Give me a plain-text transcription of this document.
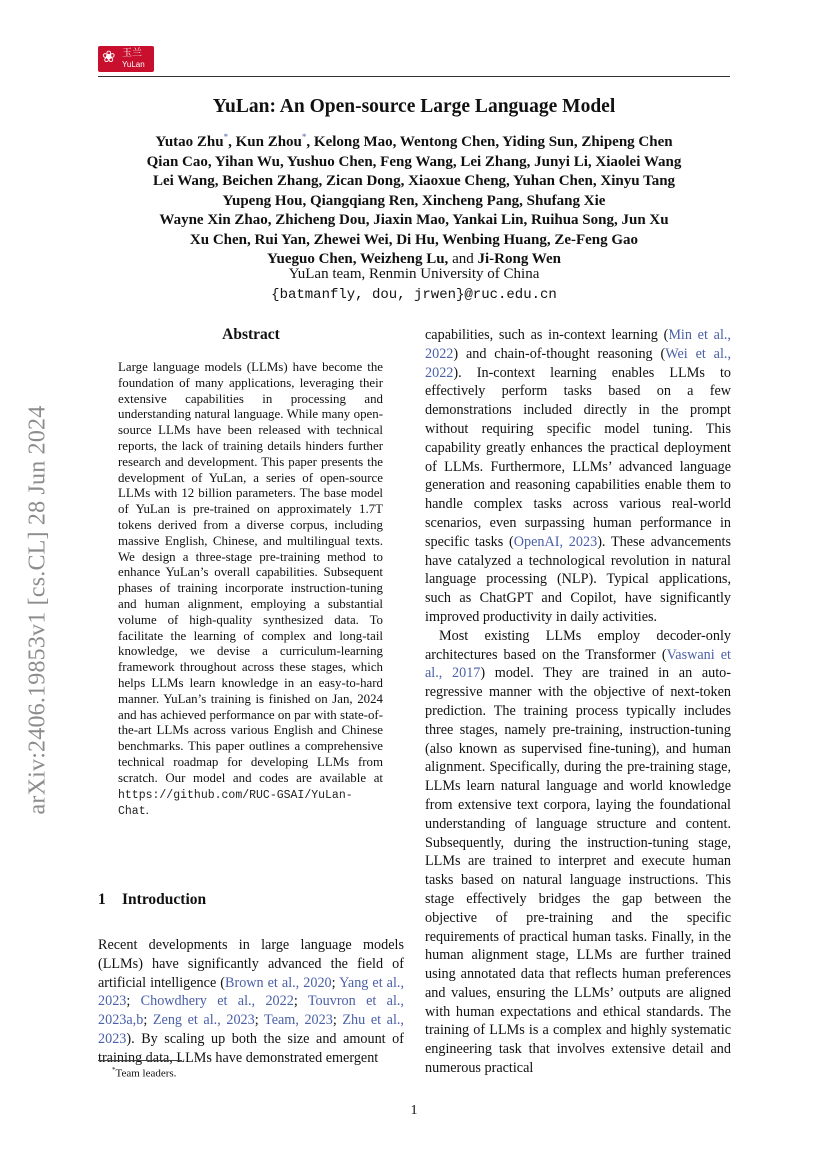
❀ 玉兰
YuLan
arXiv:2406.19853v1 [cs.CL] 28 Jun 2024
YuLan: An Open-source Large Language Model
Yutao Zhu*, Kun Zhou*, Kelong Mao, Wentong Chen, Yiding Sun, Zhipeng Chen
Qian Cao, Yihan Wu, Yushuo Chen, Feng Wang, Lei Zhang, Junyi Li, Xiaolei Wang
Lei Wang, Beichen Zhang, Zican Dong, Xiaoxue Cheng, Yuhan Chen, Xinyu Tang
Yupeng Hou, Qiangqiang Ren, Xincheng Pang, Shufang Xie
Wayne Xin Zhao, Zhicheng Dou, Jiaxin Mao, Yankai Lin, Ruihua Song, Jun Xu
Xu Chen, Rui Yan, Zhewei Wei, Di Hu, Wenbing Huang, Ze-Feng Gao
Yueguo Chen, Weizheng Lu, and Ji-Rong Wen
YuLan team, Renmin University of China
{batmanfly, dou, jrwen}@ruc.edu.cn
Abstract
Large language models (LLMs) have become the foundation of many applications, leveraging their extensive capabilities in processing and understanding natural language. While many open-source LLMs have been released with technical reports, the lack of training details hinders further research and development. This paper presents the development of YuLan, a series of open-source LLMs with 12 billion parameters. The base model of YuLan is pre-trained on approximately 1.7T tokens derived from a diverse corpus, including massive English, Chinese, and multilingual texts. We design a three-stage pre-training method to enhance YuLan’s overall capabilities. Subsequent phases of training incorporate instruction-tuning and human alignment, employing a substantial volume of high-quality synthesized data. To facilitate the learning of complex and long-tail knowledge, we devise a curriculum-learning framework throughout across these stages, which helps LLMs learn knowledge in an easy-to-hard manner. YuLan’s training is finished on Jan, 2024 and has achieved performance on par with state-of-the-art LLMs across various English and Chinese benchmarks. This paper outlines a comprehensive technical roadmap for developing LLMs from scratch. Our model and codes are available at https://github.com/RUC-GSAI/YuLan-Chat.
1 Introduction
Recent developments in large language models (LLMs) have significantly advanced the field of artificial intelligence (Brown et al., 2020; Yang et al., 2023; Chowdhery et al., 2022; Touvron et al., 2023a,b; Zeng et al., 2023; Team, 2023; Zhu et al., 2023). By scaling up both the size and amount of training data, LLMs have demonstrated emergent
*Team leaders.

capabilities, such as in-context learning (Min et al., 2022) and chain-of-thought reasoning (Wei et al., 2022). In-context learning enables LLMs to effectively perform tasks based on a few demonstrations included directly in the prompt without requiring specific model tuning. This capability greatly enhances the practical deployment of LLMs. Furthermore, LLMs’ advanced language generation and reasoning capabilities enable them to handle complex tasks across various real-world scenarios, even surpassing human performance in specific tasks (OpenAI, 2023). These advancements have catalyzed a technological revolution in natural language processing (NLP). Typical applications, such as ChatGPT and Copilot, have significantly improved productivity in daily activities.

Most existing LLMs employ decoder-only architectures based on the Transformer (Vaswani et al., 2017) model. They are trained in an auto-regressive manner with the objective of next-token prediction. The training process typically includes three stages, namely pre-training, instruction-tuning (also known as supervised fine-tuning), and human alignment. Specifically, during the pre-training stage, LLMs learn natural language and world knowledge from extensive text corpora, laying the foundational understanding of language structure and content. Subsequently, during the instruction-tuning stage, LLMs are trained to interpret and execute human tasks based on natural language instructions. This stage effectively bridges the gap between the objective of pre-training and the specific requirements of practical human tasks. Finally, in the human alignment stage, LLMs are further trained using annotated data that reflects human preferences and values, ensuring the LLMs’ outputs are aligned with human expectations and ethical standards. The training of LLMs is a complex and highly systematic engineering task that involves extensive detail and numerous practical

1
